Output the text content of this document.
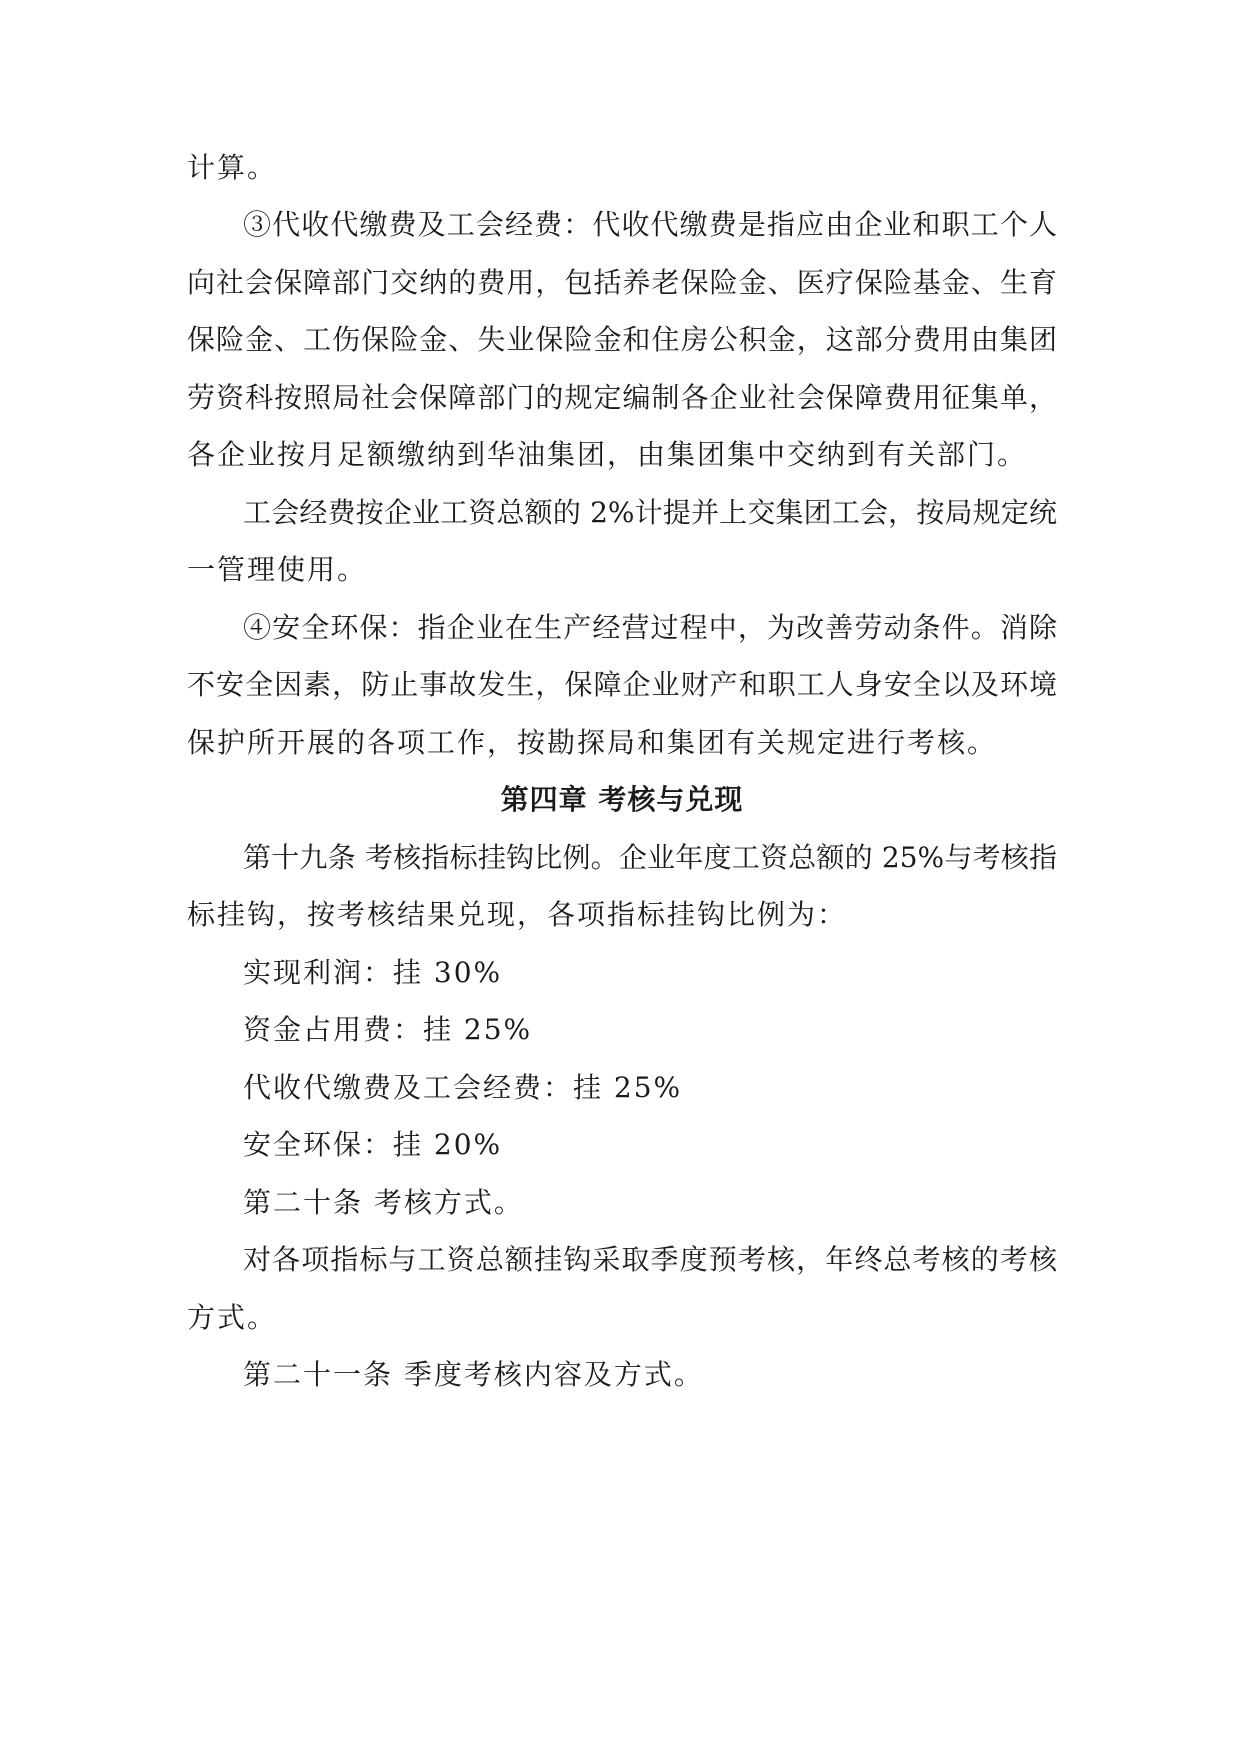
计算。
③代收代缴费及工会经费：代收代缴费是指应由企业和职工个人
向社会保障部门交纳的费用，包括养老保险金、医疗保险基金、生育
保险金、工伤保险金、失业保险金和住房公积金，这部分费用由集团
劳资科按照局社会保障部门的规定编制各企业社会保障费用征集单，
各企业按月足额缴纳到华油集团，由集团集中交纳到有关部门。
工会经费按企业工资总额的 2%计提并上交集团工会，按局规定统
一管理使用。
④安全环保：指企业在生产经营过程中，为改善劳动条件。消除
不安全因素，防止事故发生，保障企业财产和职工人身安全以及环境
保护所开展的各项工作，按勘探局和集团有关规定进行考核。
第四章 考核与兑现
第十九条 考核指标挂钩比例。企业年度工资总额的 25%与考核指
标挂钩，按考核结果兑现，各项指标挂钩比例为：
实现利润：挂 30%
资金占用费：挂 25%
代收代缴费及工会经费：挂 25%
安全环保：挂 20%
第二十条 考核方式。
对各项指标与工资总额挂钩采取季度预考核，年终总考核的考核
方式。
第二十一条 季度考核内容及方式。
